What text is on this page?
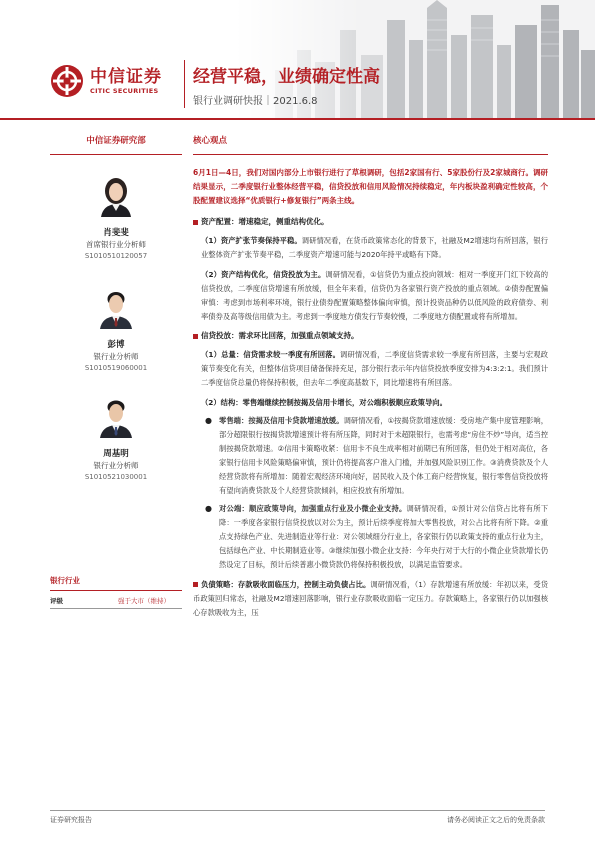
中信证券
CITIC SECURITIES
经营平稳，业绩确定性高
银行业调研快报｜2021.6.8
中信证券研究部
肖斐斐
首席银行业分析师
S1010510120057
彭博
银行业分析师
S1010519060001
周基明
银行业分析师
S1010521030001
银行行业
评级	强于大市（维持）
核心观点
6月1日—4日，我们对国内部分上市银行进行了草根调研，包括2家国有行、5家股份行及2家城商行。调研结果显示，二季度银行业整体经营平稳，信贷投放和信用风险情况持续稳定，年内板块盈利确定性较高，个股配置建议选择“优质银行+修复银行”两条主线。
资产配置：增速稳定，侧重结构优化。

（1）资产扩张节奏保持平稳。调研情况看，在货币政策常态化的背景下，社融及M2增速均有所回落，银行业整体资产扩张节奏平稳，二季度资产增速可能与2020年持平或略有下降。

（2）资产结构优化，信贷投放为主。调研情况看，①信贷仍为重点投向领域：相对一季度开门红下较高的信贷投放，二季度信贷增速有所放缓，但全年来看，信贷仍为各家银行资产投放的重点领域。②债券配置偏审慎：考虑到市场利率环境，银行业债券配置策略整体偏向审慎，预计投资品种仍以低风险的政府债券、利率债券及高等级信用债为主。考虑到一季度地方债发行节奏较慢，二季度地方债配置或将有所增加。

信贷投放：需求环比回落，加强重点领域支持。

（1）总量：信贷需求较一季度有所回落。调研情况看，二季度信贷需求较一季度有所回落，主要与宏观政策节奏变化有关，但整体信贷项目储备保持充足，部分银行表示年内信贷投放季度安排为4:3:2:1。我们预计二季度信贷总量仍将保持积极，但去年二季度高基数下，同比增速将有所回落。

（2）结构：零售端继续控制按揭及信用卡增长，对公端积极顺应政策导向。

● 零售端：按揭及信用卡贷款增速放缓。调研情况看，①按揭贷款增速放缓：受房地产集中度管理影响，部分超限银行按揭贷款增速预计将有所压降，同时对于未超限银行，也需考虑“房住不炒”导向，适当控制按揭贷款增速。②信用卡策略收紧：信用卡不良生成率相对前期已有所回落，但仍处于相对高位，各家银行信用卡风险策略偏审慎，预计仍将提高客户准入门槛，并加强风险识别工作。③消费贷款及个人经营贷款将有所增加：随着宏观经济环境向好，居民收入及个体工商户经营恢复，银行零售信贷投放将有望向消费贷款及个人经营贷款倾斜，相应投放有所增加。
● 对公端：顺应政策导向，加强重点行业及小微企业支持。调研情况看，①预计对公信贷占比将有所下降：一季度各家银行信贷投放以对公为主，预计后续季度将加大零售投放，对公占比将有所下降。②重点支持绿色产业、先进制造业等行业：对公领域细分行业上，各家银行仍以政策支持的重点行业为主，包括绿色产业、中长期制造业等。③继续加强小微企业支持：今年央行对于大行的小微企业贷款增长仍然设定了目标，预计后续普惠小微贷款仍将保持积极投放，以满足监管要求。
负债策略：存款吸收面临压力，控制主动负债占比。调研情况看，（1）存款增速有所放缓：年初以来，受货币政策回归常态，社融及M2增速回落影响，银行业存款吸收面临一定压力。存款策略上，各家银行仍以加强核心存款吸收为主，压
证券研究报告	请务必阅读正文之后的免责条款
